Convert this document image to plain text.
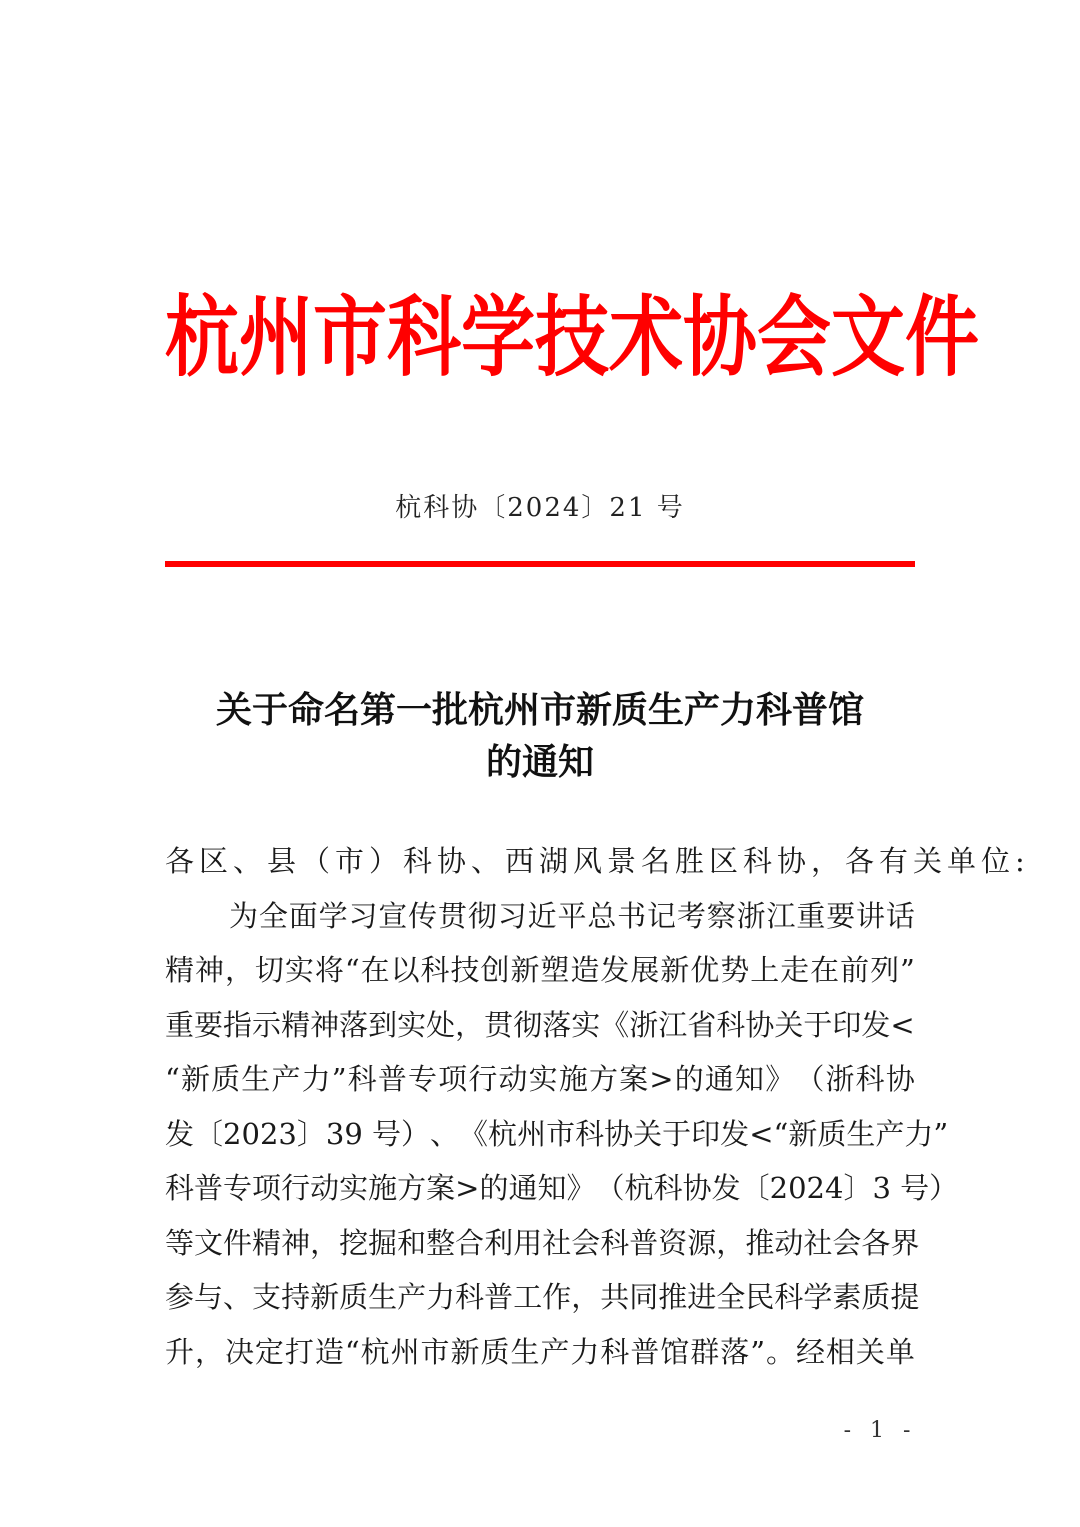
杭 州 市 科 学 技 术 协 会 文 件
杭科协〔2024〕21 号
关于命名第一批杭州市新质生产力科普馆
的通知
各区、县（市）科协、西湖风景名胜区科协，各有关单位:
为 全 面 学 习 宣 传 贯 彻 习 近 平 总 书 记 考 察 浙 江 重 要 讲 话
精 神 ， 切 实 将 “ 在 以 科 技 创 新 塑 造 发 展 新 优 势 上 走 在 前 列 ”
重 要 指 示 精 神 落 到 实 处 ， 贯 彻 落 实 《 浙 江 省 科 协 关 于 印 发 <
“ 新 质 生 产 力 ” 科 普 专 项 行 动 实 施 方 案 > 的 通 知 》 （ 浙 科 协
发 〔 2 0 2 3 〕 3 9
号 ） 、 《 杭 州 市 科 协 关 于 印 发 < “ 新 质 生 产 力 ”
科 普 专 项 行 动 实 施 方 案 > 的 通 知 》 （ 杭 科 协 发 〔 2 0 2 4 〕 3
号 ）
等 文 件 精 神 ， 挖 掘 和 整 合 利 用 社 会 科 普 资 源 ， 推 动 社 会 各 界
参 与 、 支 持 新 质 生 产 力 科 普 工 作 ， 共 同 推 进 全 民 科 学 素 质 提
升 ， 决 定 打 造 “ 杭 州 市 新 质 生 产 力 科 普 馆 群 落 ” 。 经 相 关 单
- 1 -
